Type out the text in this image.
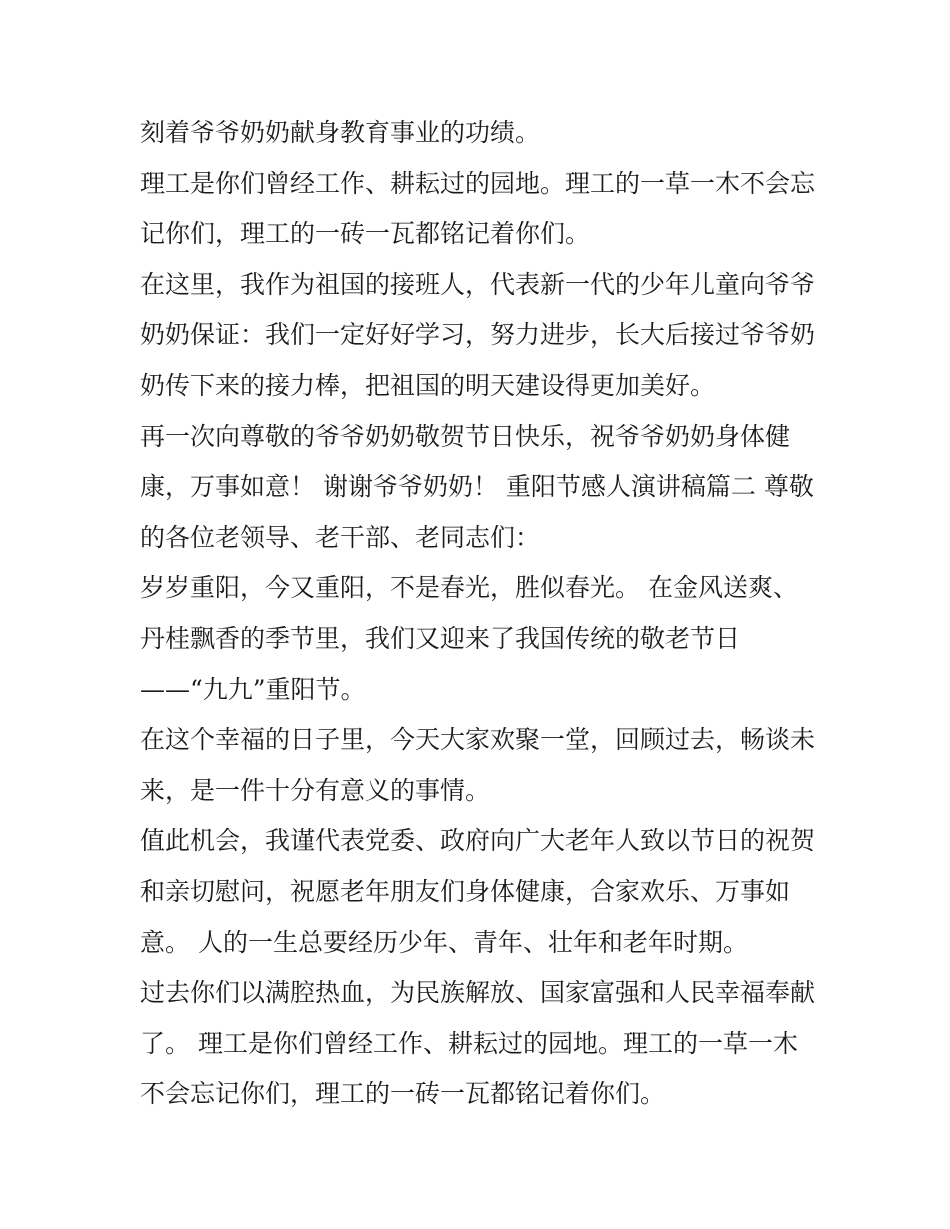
刻着爷爷奶奶献身教育事业的功绩。
理工是你们曾经工作、耕耘过的园地。理工的一草一木不会忘
记你们，理工的一砖一瓦都铭记着你们。
在这里，我作为祖国的接班人，代表新一代的少年儿童向爷爷
奶奶保证：我们一定好好学习，努力进步，长大后接过爷爷奶
奶传下来的接力棒，把祖国的明天建设得更加美好。
再一次向尊敬的爷爷奶奶敬贺节日快乐，祝爷爷奶奶身体健
康，万事如意！ 谢谢爷爷奶奶！ 重阳节感人演讲稿篇二 尊敬
的各位老领导、老干部、老同志们：
岁岁重阳，今又重阳，不是春光，胜似春光。 在金风送爽、
丹桂飘香的季节里，我们又迎来了我国传统的敬老节日
——“九九”重阳节。
在这个幸福的日子里，今天大家欢聚一堂，回顾过去，畅谈未
来，是一件十分有意义的事情。
值此机会，我谨代表党委、政府向广大老年人致以节日的祝贺
和亲切慰问，祝愿老年朋友们身体健康，合家欢乐、万事如
意。 人的一生总要经历少年、青年、壮年和老年时期。
过去你们以满腔热血，为民族解放、国家富强和人民幸福奉献
了。 理工是你们曾经工作、耕耘过的园地。理工的一草一木
不会忘记你们，理工的一砖一瓦都铭记着你们。
